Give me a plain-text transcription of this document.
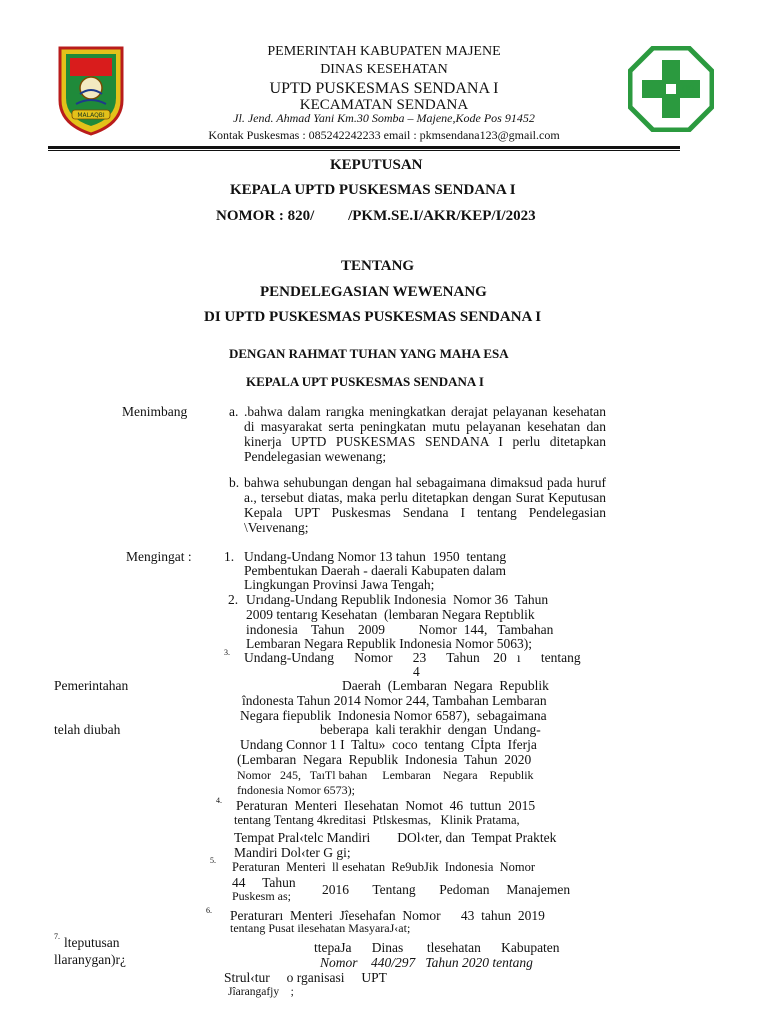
MALAQBI
PEMERINTAH KABUPATEN MAJENE
DINAS KESEHATAN
UPTD PUSKESMAS SENDANA I
KECAMATAN SENDANA
Jl. Jend. Ahmad Yani Km.30 Somba – Majene,Kode Pos 91452
Kontak Puskesmas : 085242242233 email : pkmsendana123@gmail.com
KEPUTUSAN
KEPALA UPTD PUSKESMAS SENDANA I
NOMOR : 820/         /PKM.SE.I/AKR/KEP/I/2023
TENTANG
PENDELEGASIAN WEWENANG
DI UPTD PUSKESMAS PUSKESMAS SENDANA I
DENGAN RAHMAT TUHAN YANG MAHA ESA
KEPALA UPT PUSKESMAS SENDANA I
Menimbang	a. .bahwa dalam rarıgka meningkatkan derajat pelayanan kesehatan di masyarakat serta peningkatan mutu pelayanan kesehatan dan kinerja UPTD PUSKESMAS SENDANA I perlu ditetapkan Pendelegasian wewenang;
b. bahwa sehubungan dengan hal sebagaimana dimaksud pada huruf a., tersebut diatas, maka perlu ditetapkan dengan Surat Keputusan Kepala UPT Puskesmas Sendana I tentang Pendelegasian \Veıvenang;
Mengingat : 1. Undang-Undang Nomor 13 tahun  1950  tentang
Pembentukan Daerah - daerali Kabupaten dalam
Lingkungan Provinsi Jawa Tengah;
2. Urıdang-Undang Republik Indonesia  Nomor 36  Tahun
2009 tentarıg Kesehatan  (lembaran Negara Reptıblik
indonesia    Tahun    2009          Nomor  144,   Tambahan
Lembaran Negara Republik Indonesia Nomor 5063);
3. Undang-Undang      Nomor      23      Tahun    20   ı      tentang
4
Pemerintahan	Daerah  (Lembaran  Negara  Republik
îndonesta Tahun 2014 Nomor 244, Tambahan Lembaran
Negara fiepublik  Indonesia Nomor 6587),  sebagaimana
telah diubah	beberapa  kali terakhir  dengan  Undang-
Undang Connor 1 I  Taltu»  coco  tentang  Cİpta  Iferja
(Lembaran  Negara  Republik  Indonesia  Tahun  2020
Nomor   245,   TaıTl bahan     Lembaran    Negara    Republik
fndonesia Nomor 6573);
4. Peraturan  Menteri  Ilesehatan  Nomot  46  tuttun  2015
tentang Tentang 4kreditasi  Ptlskesmas,   Klinik Pratama,
Tempat Pral‹telc Mandiri        DOl‹ter, dan  Tempat Praktek
Mandiri Dol‹ter G gi;
5. Peraturan  Menteri  ll esehatan  Re9ubJik  Indonesia  Nomor
44     Tahun
Puskesm as; 2016       Tentang       Pedoman     Manajemen
6. Peraturarı  Menteri  Jîesehafan  Nomor      43  tahun  2019
tentang Pusat ilesehatan MasyaraJ‹at;
7. lteputusan
llaranygan)r¿
ttepaJa      Dinas       tlesehatan      Kabupaten
Nomor    440/297   Tahun 2020 tentang
Strul‹tur     o rganisasi     UPT
Jîarangafjy    ;
